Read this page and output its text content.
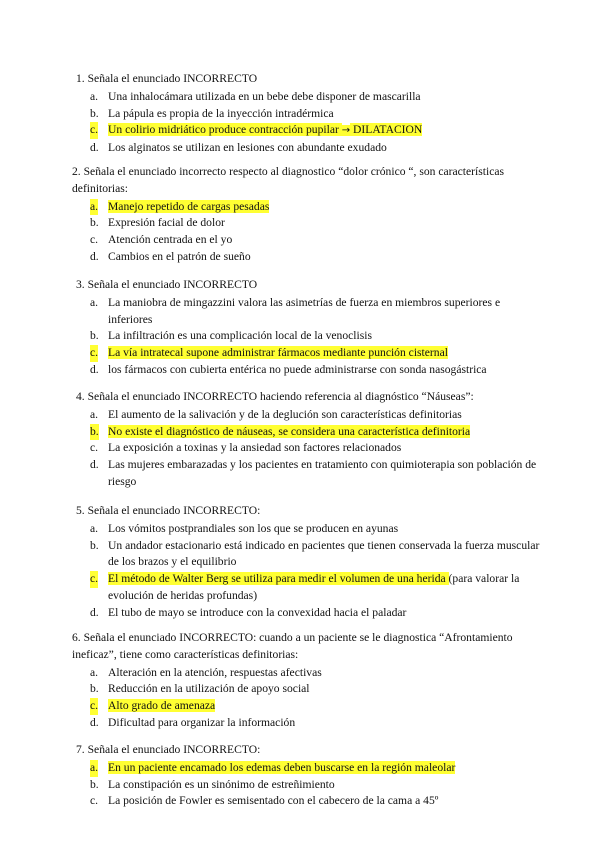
1. Señala el enunciado INCORRECTO
a. Una inhalocámara utilizada en un bebe debe disponer de mascarilla
b. La pápula es propia de la inyección intradérmica
c. Un colirio midriático produce contracción pupilar → DILATACION
d. Los alginatos se utilizan en lesiones con abundante exudado
2. Señala el enunciado incorrecto respecto al diagnostico “dolor crónico “, son características definitorias:
a. Manejo repetido de cargas pesadas
b. Expresión facial de dolor
c. Atención centrada en el yo
d. Cambios en el patrón de sueño
3. Señala el enunciado INCORRECTO
a. La maniobra de mingazzini valora las asimetrías de fuerza en miembros superiores e inferiores
b. La infiltración es una complicación local de la venoclisis
c. La vía intratecal supone administrar fármacos mediante punción cisternal
d. los fármacos con cubierta entérica no puede administrarse con sonda nasogástrica
4. Señala el enunciado INCORRECTO haciendo referencia al diagnóstico “Náuseas”:
a. El aumento de la salivación y de la deglución son características definitorias
b. No existe el diagnóstico de náuseas, se considera una característica definitoria
c. La exposición a toxinas y la ansiedad son factores relacionados
d. Las mujeres embarazadas y los pacientes en tratamiento con quimioterapia son población de riesgo
5. Señala el enunciado INCORRECTO:
a. Los vómitos postprandiales son los que se producen en ayunas
b. Un andador estacionario está indicado en pacientes que tienen conservada la fuerza muscular de los brazos y el equilibrio
c. El método de Walter Berg se utiliza para medir el volumen de una herida (para valorar la evolución de heridas profundas)
d. El tubo de mayo se introduce con la convexidad hacia el paladar
6. Señala el enunciado INCORRECTO: cuando a un paciente se le diagnostica “Afrontamiento ineficaz”, tiene como características definitorias:
a. Alteración en la atención, respuestas afectivas
b. Reducción en la utilización de apoyo social
c. Alto grado de amenaza
d. Dificultad para organizar la información
7. Señala el enunciado INCORRECTO:
a. En un paciente encamado los edemas deben buscarse en la región maleolar
b. La constipación es un sinónimo de estreñimiento
c. La posición de Fowler es semisentado con el cabecero de la cama a 45º
